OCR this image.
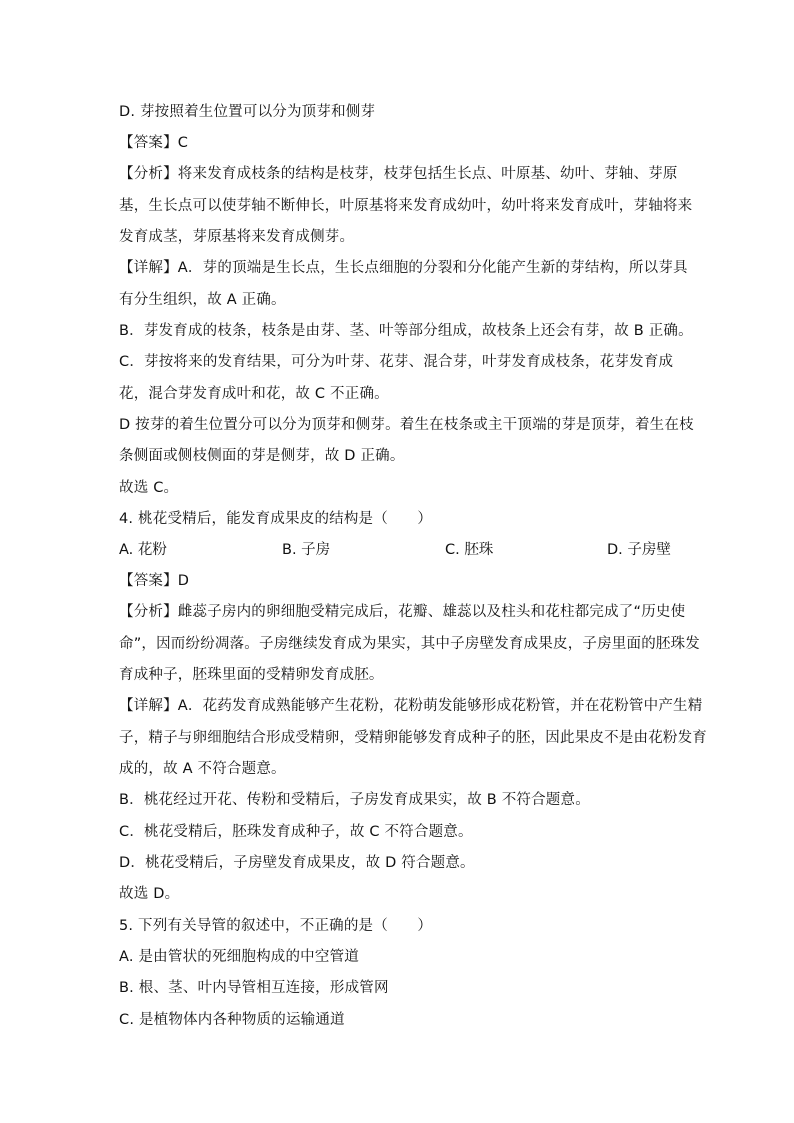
D. 芽按照着生位置可以分为顶芽和侧芽
【答案】C
【分析】将来发育成枝条的结构是枝芽，枝芽包括生长点、叶原基、幼叶、芽轴、芽原
基，生长点可以使芽轴不断伸长，叶原基将来发育成幼叶，幼叶将来发育成叶，芽轴将来
发育成茎，芽原基将来发育成侧芽。
【详解】A．芽的顶端是生长点，生长点细胞的分裂和分化能产生新的芽结构，所以芽具
有分生组织，故 A 正确。
B．芽发育成的枝条，枝条是由芽、茎、叶等部分组成，故枝条上还会有芽，故 B 正确。
C．芽按将来的发育结果，可分为叶芽、花芽、混合芽，叶芽发育成枝条，花芽发育成
花，混合芽发育成叶和花，故 C 不正确。
D 按芽的着生位置分可以分为顶芽和侧芽。着生在枝条或主干顶端的芽是顶芽，着生在枝
条侧面或侧枝侧面的芽是侧芽，故 D 正确。
故选 C。
4. 桃花受精后，能发育成果皮的结构是（　　）
A. 花粉	B. 子房	C. 胚珠	D. 子房壁
【答案】D
【分析】雌蕊子房内的卵细胞受精完成后，花瓣、雄蕊以及柱头和花柱都完成了“历史使
命”，因而纷纷凋落。子房继续发育成为果实，其中子房壁发育成果皮，子房里面的胚珠发
育成种子，胚珠里面的受精卵发育成胚。
【详解】A．花药发育成熟能够产生花粉，花粉萌发能够形成花粉管，并在花粉管中产生精
子，精子与卵细胞结合形成受精卵，受精卵能够发育成种子的胚，因此果皮不是由花粉发育
成的，故 A 不符合题意。
B．桃花经过开花、传粉和受精后，子房发育成果实，故 B 不符合题意。
C．桃花受精后，胚珠发育成种子，故 C 不符合题意。
D．桃花受精后，子房壁发育成果皮，故 D 符合题意。
故选 D。
5. 下列有关导管的叙述中，不正确的是（　　）
A. 是由管状的死细胞构成的中空管道
B. 根、茎、叶内导管相互连接，形成管网
C. 是植物体内各种物质的运输通道
